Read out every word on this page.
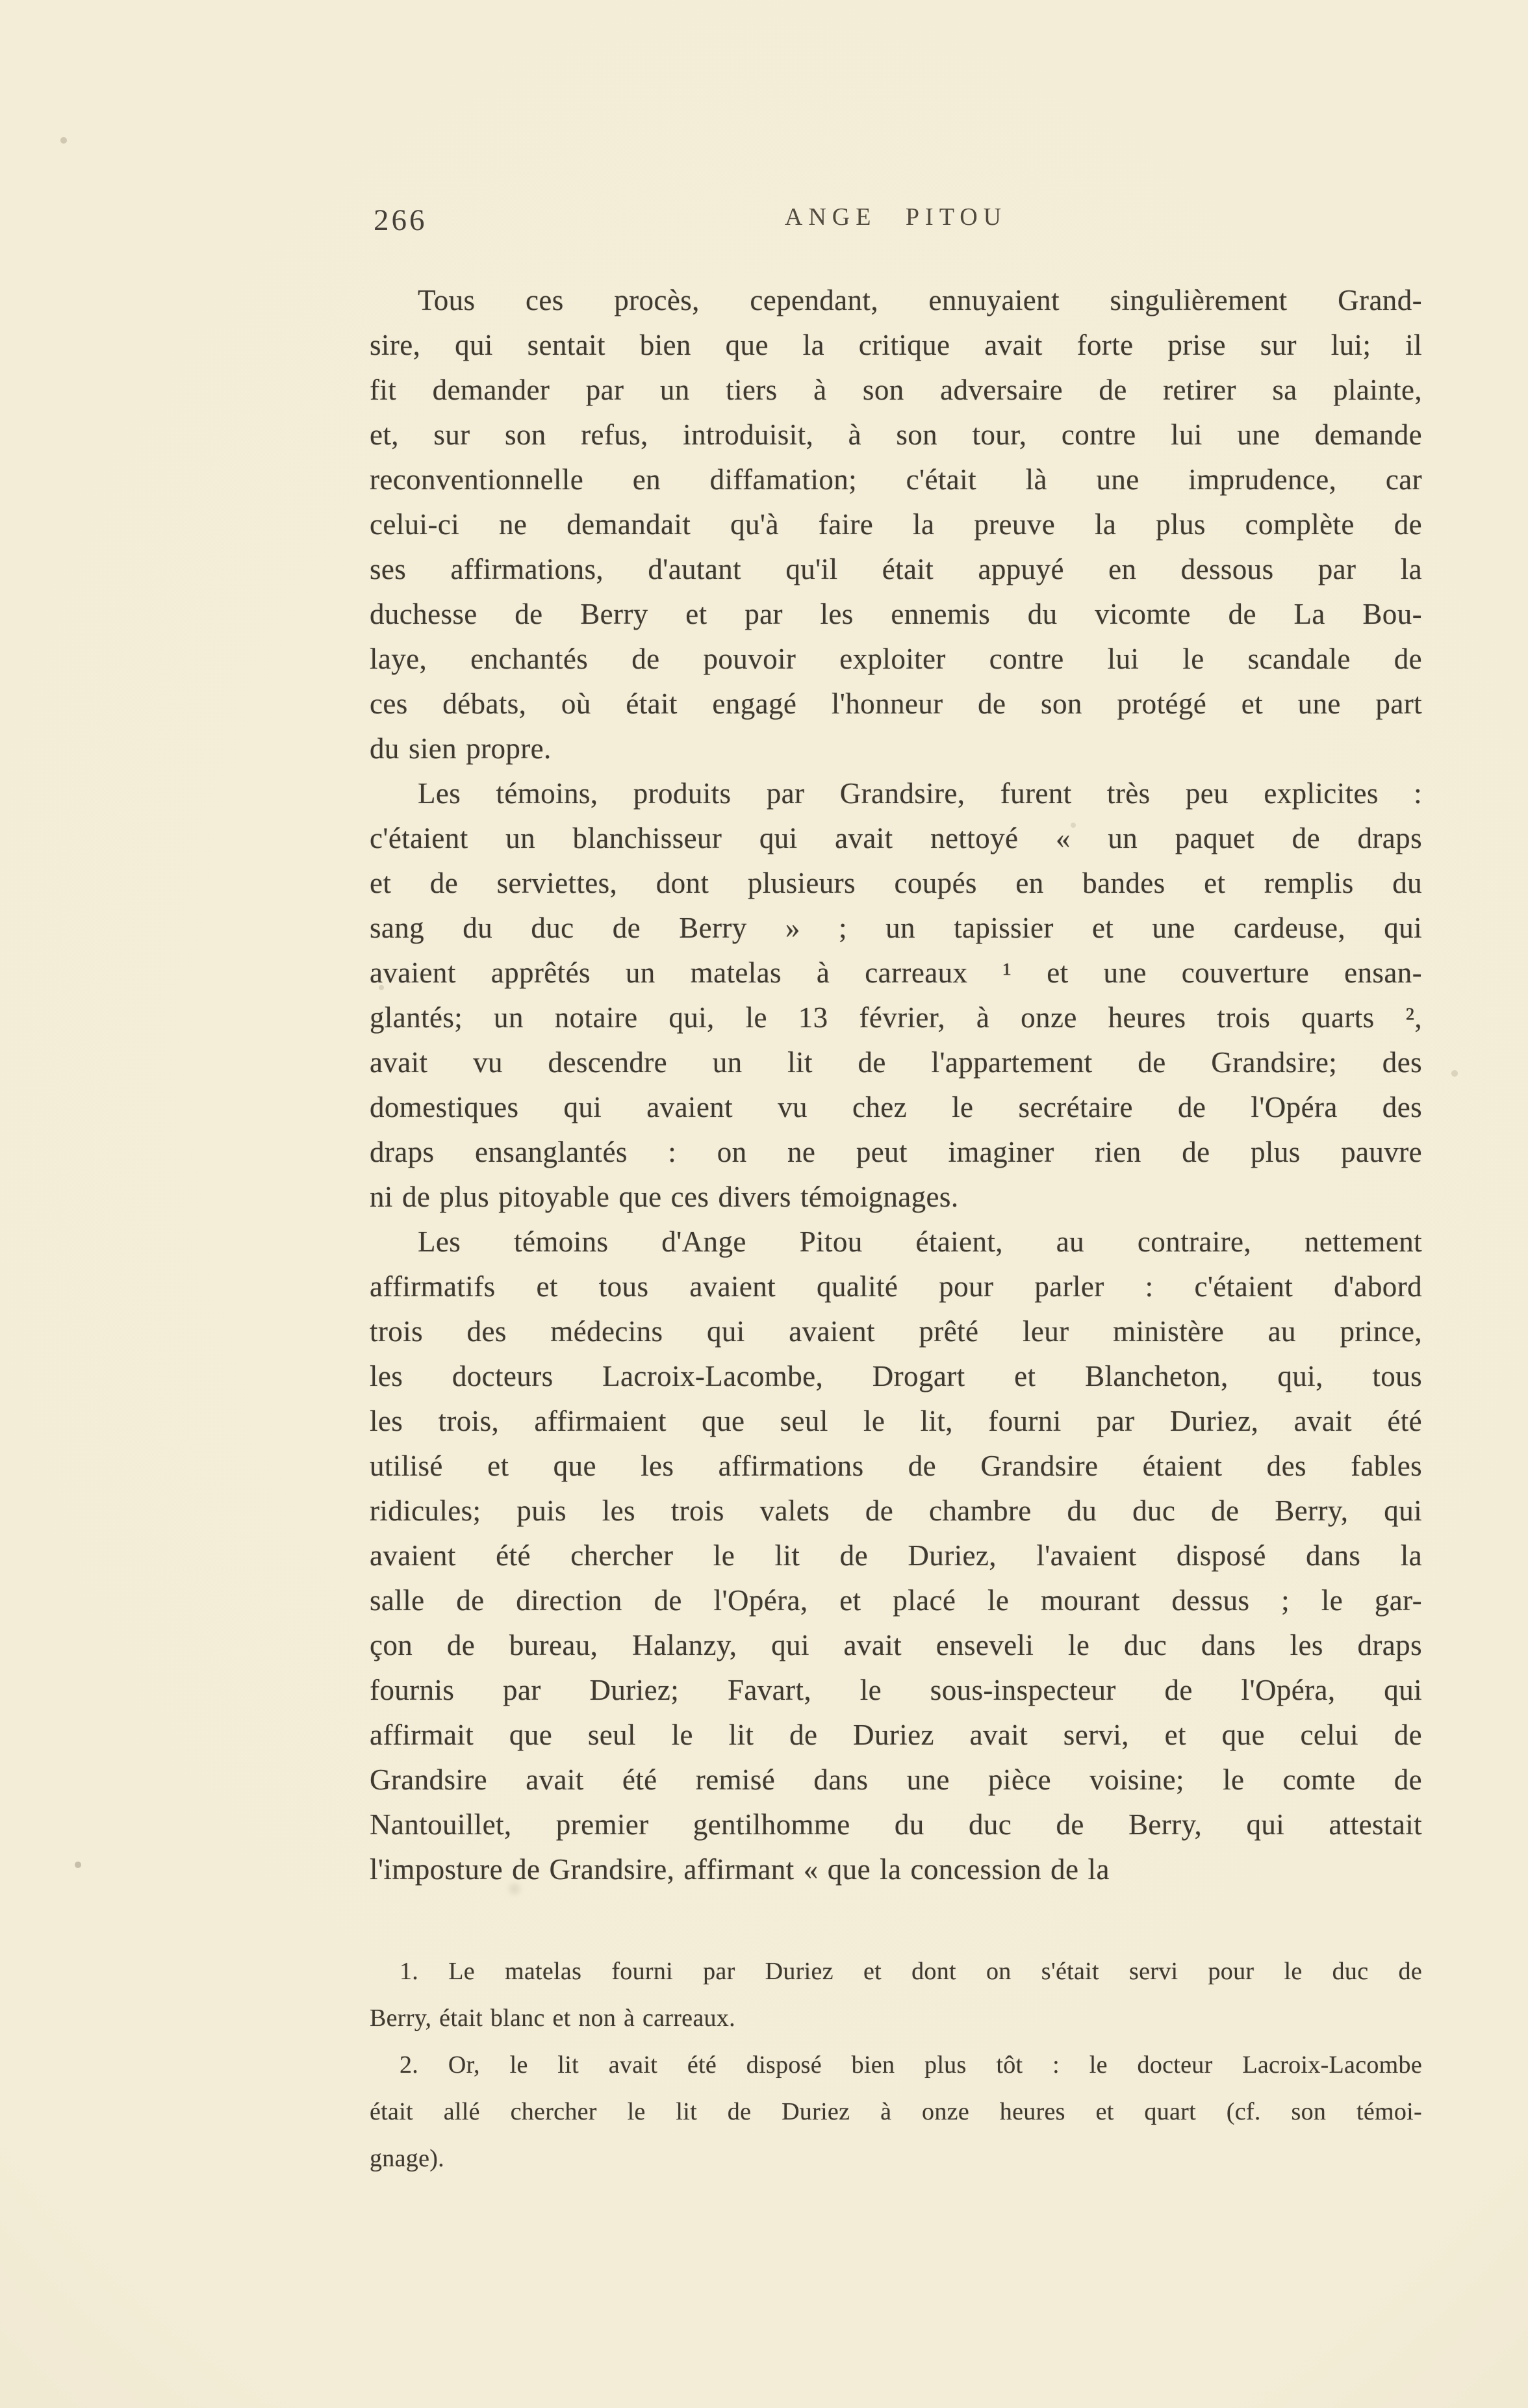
266	ANGE PITOU
Tous ces procès, cependant, ennuyaient singulièrement Grand-
sire, qui sentait bien que la critique avait forte prise sur lui; il
fit demander par un tiers à son adversaire de retirer sa plainte,
et, sur son refus, introduisit, à son tour, contre lui une demande
reconventionnelle en diffamation; c'était là une imprudence, car
celui-ci ne demandait qu'à faire la preuve la plus complète de
ses affirmations, d'autant qu'il était appuyé en dessous par la
duchesse de Berry et par les ennemis du vicomte de La Bou-
laye, enchantés de pouvoir exploiter contre lui le scandale de
ces débats, où était engagé l'honneur de son protégé et une part
du sien propre.
Les témoins, produits par Grandsire, furent très peu explicites :
c'étaient un blanchisseur qui avait nettoyé « un paquet de draps
et de serviettes, dont plusieurs coupés en bandes et remplis du
sang du duc de Berry » ; un tapissier et une cardeuse, qui
avaient apprêtés un matelas à carreaux ¹ et une couverture ensan-
glantés; un notaire qui, le 13 février, à onze heures trois quarts ²,
avait vu descendre un lit de l'appartement de Grandsire; des
domestiques qui avaient vu chez le secrétaire de l'Opéra des
draps ensanglantés : on ne peut imaginer rien de plus pauvre
ni de plus pitoyable que ces divers témoignages.
Les témoins d'Ange Pitou étaient, au contraire, nettement
affirmatifs et tous avaient qualité pour parler : c'étaient d'abord
trois des médecins qui avaient prêté leur ministère au prince,
les docteurs Lacroix-Lacombe, Drogart et Blancheton, qui, tous
les trois, affirmaient que seul le lit, fourni par Duriez, avait été
utilisé et que les affirmations de Grandsire étaient des fables
ridicules; puis les trois valets de chambre du duc de Berry, qui
avaient été chercher le lit de Duriez, l'avaient disposé dans la
salle de direction de l'Opéra, et placé le mourant dessus ; le gar-
çon de bureau, Halanzy, qui avait enseveli le duc dans les draps
fournis par Duriez; Favart, le sous-inspecteur de l'Opéra, qui
affirmait que seul le lit de Duriez avait servi, et que celui de
Grandsire avait été remisé dans une pièce voisine; le comte de
Nantouillet, premier gentilhomme du duc de Berry, qui attestait
l'imposture de Grandsire, affirmant « que la concession de la
1. Le matelas fourni par Duriez et dont on s'était servi pour le duc de
Berry, était blanc et non à carreaux.
2. Or, le lit avait été disposé bien plus tôt : le docteur Lacroix-Lacombe
était allé chercher le lit de Duriez à onze heures et quart (cf. son témoi-
gnage).
